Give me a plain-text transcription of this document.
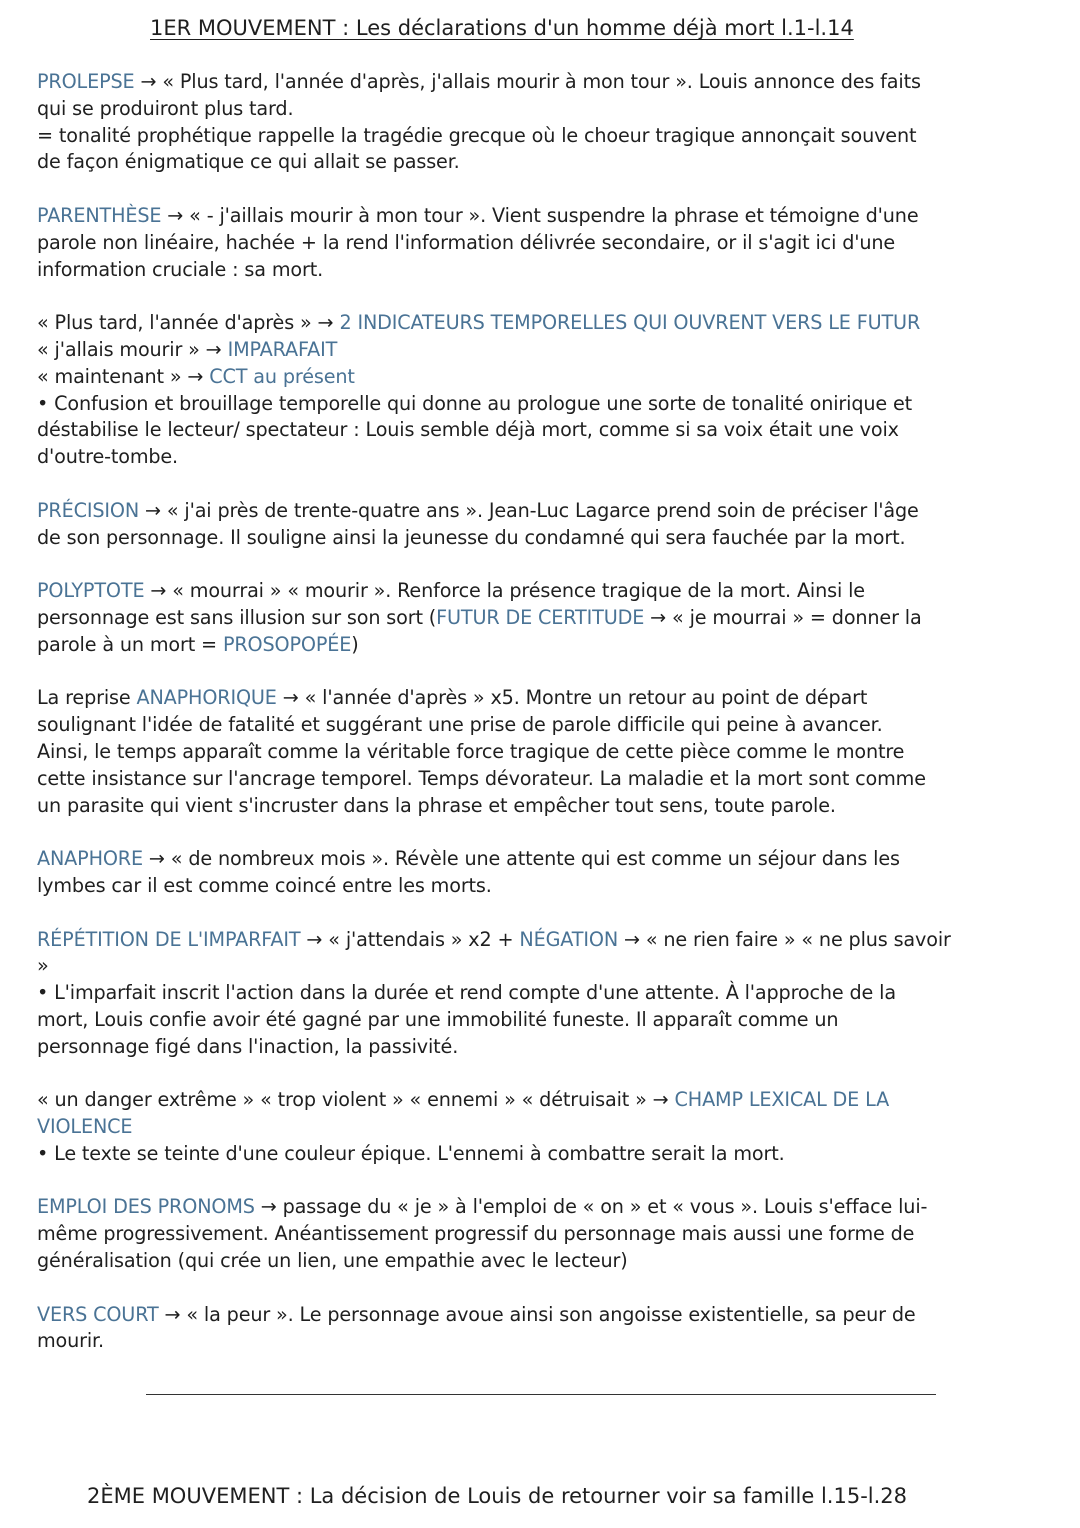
1ER MOUVEMENT : Les déclarations d'un homme déjà mort l.1-l.14
PROLEPSE → « Plus tard, l'année d'après, j'allais mourir à mon tour ». Louis annonce des faits
qui se produiront plus tard.
= tonalité prophétique rappelle la tragédie grecque où le choeur tragique annonçait souvent
de façon énigmatique ce qui allait se passer.
PARENTHÈSE → « - j'aillais mourir à mon tour ». Vient suspendre la phrase et témoigne d'une
parole non linéaire, hachée + la rend l'information délivrée secondaire, or il s'agit ici d'une
information cruciale : sa mort.
« Plus tard, l'année d'après » → 2 INDICATEURS TEMPORELLES QUI OUVRENT VERS LE FUTUR
« j'allais mourir » → IMPARAFAIT
« maintenant » → CCT au présent
• Confusion et brouillage temporelle qui donne au prologue une sorte de tonalité onirique et
déstabilise le lecteur/ spectateur : Louis semble déjà mort, comme si sa voix était une voix
d'outre-tombe.
PRÉCISION → « j'ai près de trente-quatre ans ». Jean-Luc Lagarce prend soin de préciser l'âge
de son personnage. Il souligne ainsi la jeunesse du condamné qui sera fauchée par la mort.
POLYPTOTE → « mourrai » « mourir ». Renforce la présence tragique de la mort. Ainsi le
personnage est sans illusion sur son sort (FUTUR DE CERTITUDE → « je mourrai » = donner la
parole à un mort = PROSOPOPÉE)
La reprise ANAPHORIQUE → « l'année d'après » x5. Montre un retour au point de départ
soulignant l'idée de fatalité et suggérant une prise de parole difficile qui peine à avancer.
Ainsi, le temps apparaît comme la véritable force tragique de cette pièce comme le montre
cette insistance sur l'ancrage temporel. Temps dévorateur. La maladie et la mort sont comme
un parasite qui vient s'incruster dans la phrase et empêcher tout sens, toute parole.
ANAPHORE → « de nombreux mois ». Révèle une attente qui est comme un séjour dans les
lymbes car il est comme coincé entre les morts.
RÉPÉTITION DE L'IMPARFAIT → « j'attendais » x2 + NÉGATION → « ne rien faire » « ne plus savoir
»
• L'imparfait inscrit l'action dans la durée et rend compte d'une attente. À l'approche de la
mort, Louis confie avoir été gagné par une immobilité funeste. Il apparaît comme un
personnage figé dans l'inaction, la passivité.
« un danger extrême » « trop violent » « ennemi » « détruisait » → CHAMP LEXICAL DE LA
VIOLENCE
• Le texte se teinte d'une couleur épique. L'ennemi à combattre serait la mort.
EMPLOI DES PRONOMS → passage du « je » à l'emploi de « on » et « vous ». Louis s'efface lui-
même progressivement. Anéantissement progressif du personnage mais aussi une forme de
généralisation (qui crée un lien, une empathie avec le lecteur)
VERS COURT → « la peur ». Le personnage avoue ainsi son angoisse existentielle, sa peur de
mourir.
2ÈME MOUVEMENT : La décision de Louis de retourner voir sa famille l.15-l.28
